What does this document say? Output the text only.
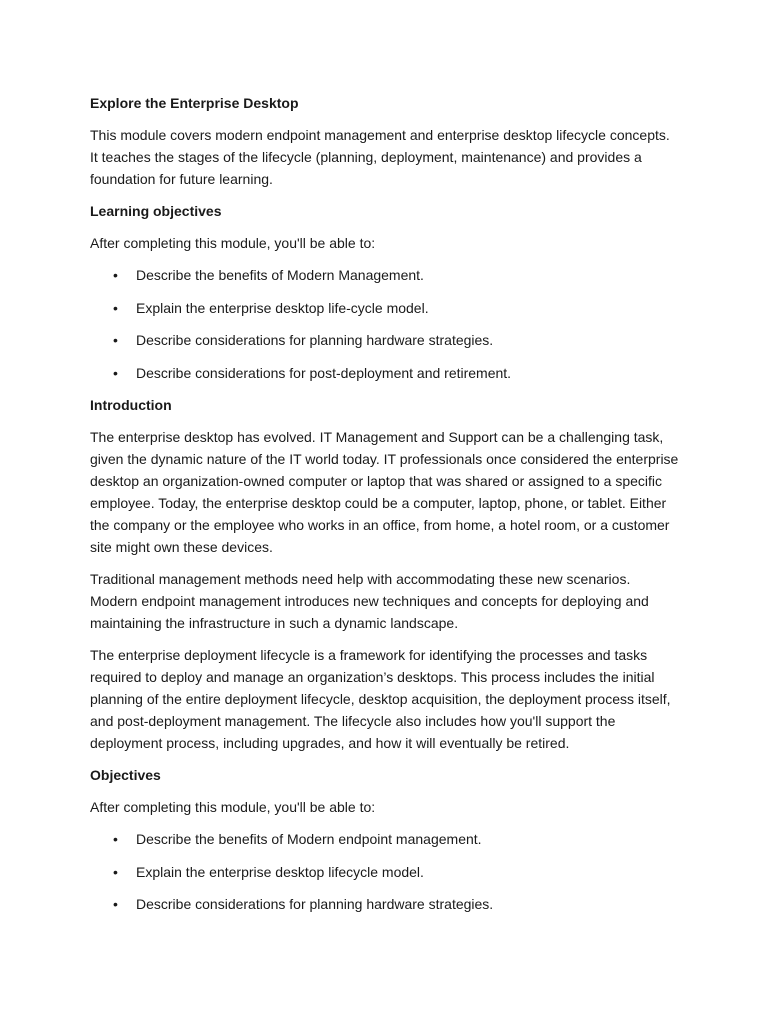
Explore the Enterprise Desktop
This module covers modern endpoint management and enterprise desktop lifecycle concepts. It teaches the stages of the lifecycle (planning, deployment, maintenance) and provides a foundation for future learning.
Learning objectives
After completing this module, you'll be able to:
• Describe the benefits of Modern Management.
• Explain the enterprise desktop life-cycle model.
• Describe considerations for planning hardware strategies.
• Describe considerations for post-deployment and retirement.
Introduction
The enterprise desktop has evolved. IT Management and Support can be a challenging task, given the dynamic nature of the IT world today. IT professionals once considered the enterprise desktop an organization-owned computer or laptop that was shared or assigned to a specific employee. Today, the enterprise desktop could be a computer, laptop, phone, or tablet. Either the company or the employee who works in an office, from home, a hotel room, or a customer site might own these devices.
Traditional management methods need help with accommodating these new scenarios. Modern endpoint management introduces new techniques and concepts for deploying and maintaining the infrastructure in such a dynamic landscape.
The enterprise deployment lifecycle is a framework for identifying the processes and tasks required to deploy and manage an organization’s desktops. This process includes the initial planning of the entire deployment lifecycle, desktop acquisition, the deployment process itself, and post-deployment management. The lifecycle also includes how you'll support the deployment process, including upgrades, and how it will eventually be retired.
Objectives
After completing this module, you'll be able to:
• Describe the benefits of Modern endpoint management.
• Explain the enterprise desktop lifecycle model.
• Describe considerations for planning hardware strategies.
